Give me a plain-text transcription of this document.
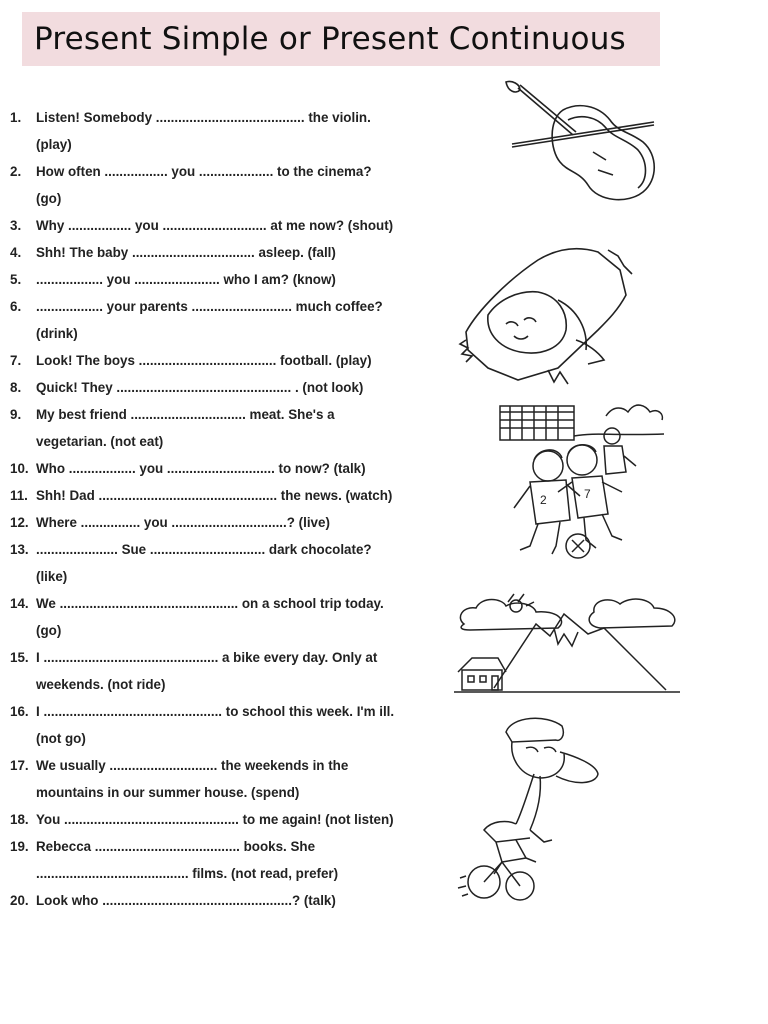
Present Simple or Present Continuous
1. Listen! Somebody ........................................ the violin.
(play)
2. How often ................. you .................... to the cinema?
(go)
3. Why ................. you ............................ at me now? (shout)
4. Shh! The baby ................................. asleep. (fall)
5. .................. you ....................... who I am? (know)
6. .................. your parents ........................... much coffee?
(drink)
7. Look! The boys ..................................... football. (play)
8. Quick! They ............................................... . (not look)
9. My best friend ............................... meat. She's a
vegetarian. (not eat)
10. Who .................. you ............................. to now? (talk)
11. Shh! Dad ................................................ the news. (watch)
12. Where ................ you ...............................? (live)
13. ...................... Sue ............................... dark chocolate?
(like)
14. We ................................................ on a school trip today.
(go)
15. I ............................................... a bike every day. Only at
weekends. (not ride)
16. I ................................................ to school this week. I'm ill.
(not go)
17. We usually ............................. the weekends in the
mountains in our summer house. (spend)
18. You ............................................... to me again! (not listen)
19. Rebecca ....................................... books. She
......................................... films. (not read, prefer)
20. Look who ...................................................? (talk)
2	7
